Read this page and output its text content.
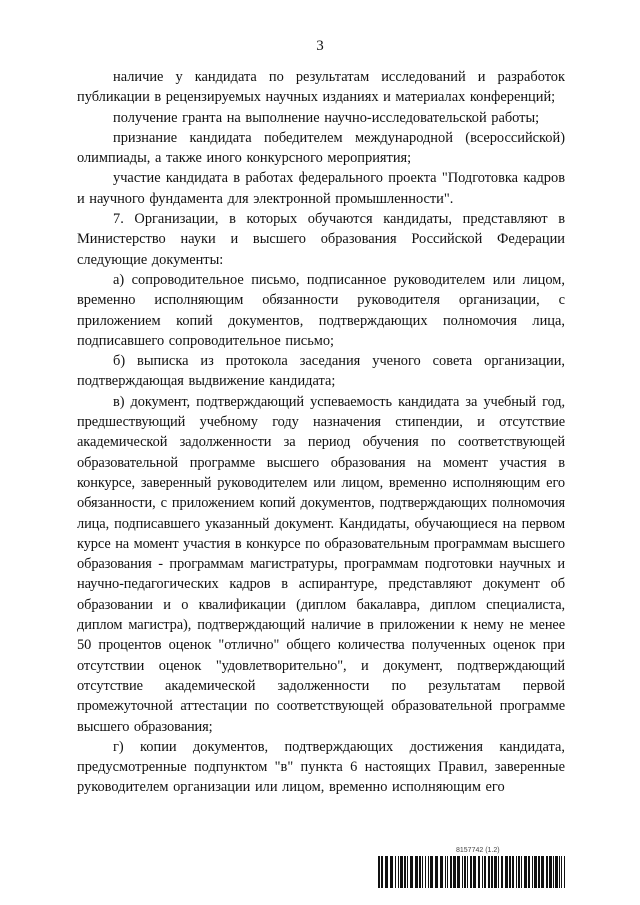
3

наличие у кандидата по результатам исследований и разработок публикации в рецензируемых научных изданиях и материалах конференций;

получение гранта на выполнение научно-исследовательской работы;

признание кандидата победителем международной (всероссийской) олимпиады, а также иного конкурсного мероприятия;

участие кандидата в работах федерального проекта "Подготовка кадров и научного фундамента для электронной промышленности".

7. Организации, в которых обучаются кандидаты, представляют в Министерство науки и высшего образования Российской Федерации следующие документы:

а) сопроводительное письмо, подписанное руководителем или лицом, временно исполняющим обязанности руководителя организации, с приложением копий документов, подтверждающих полномочия лица, подписавшего сопроводительное письмо;

б) выписка из протокола заседания ученого совета организации, подтверждающая выдвижение кандидата;

в) документ, подтверждающий успеваемость кандидата за учебный год, предшествующий учебному году назначения стипендии, и отсутствие академической задолженности за период обучения по соответствующей образовательной программе высшего образования на момент участия в конкурсе, заверенный руководителем или лицом, временно исполняющим его обязанности, с приложением копий документов, подтверждающих полномочия лица, подписавшего указанный документ. Кандидаты, обучающиеся на первом курсе на момент участия в конкурсе по образовательным программам высшего образования - программам магистратуры, программам подготовки научных и научно-педагогических кадров в аспирантуре, представляют документ об образовании и о квалификации (диплом бакалавра, диплом специалиста, диплом магистра), подтверждающий наличие в приложении к нему не менее 50 процентов оценок "отлично" общего количества полученных оценок при отсутствии оценок "удовлетворительно", и документ, подтверждающий отсутствие академической задолженности по результатам первой промежуточной аттестации по соответствующей образовательной программе высшего образования;

г) копии документов, подтверждающих достижения кандидата, предусмотренные подпунктом "в" пункта 6 настоящих Правил, заверенные руководителем организации или лицом, временно исполняющим его

8157742 (1.2)
